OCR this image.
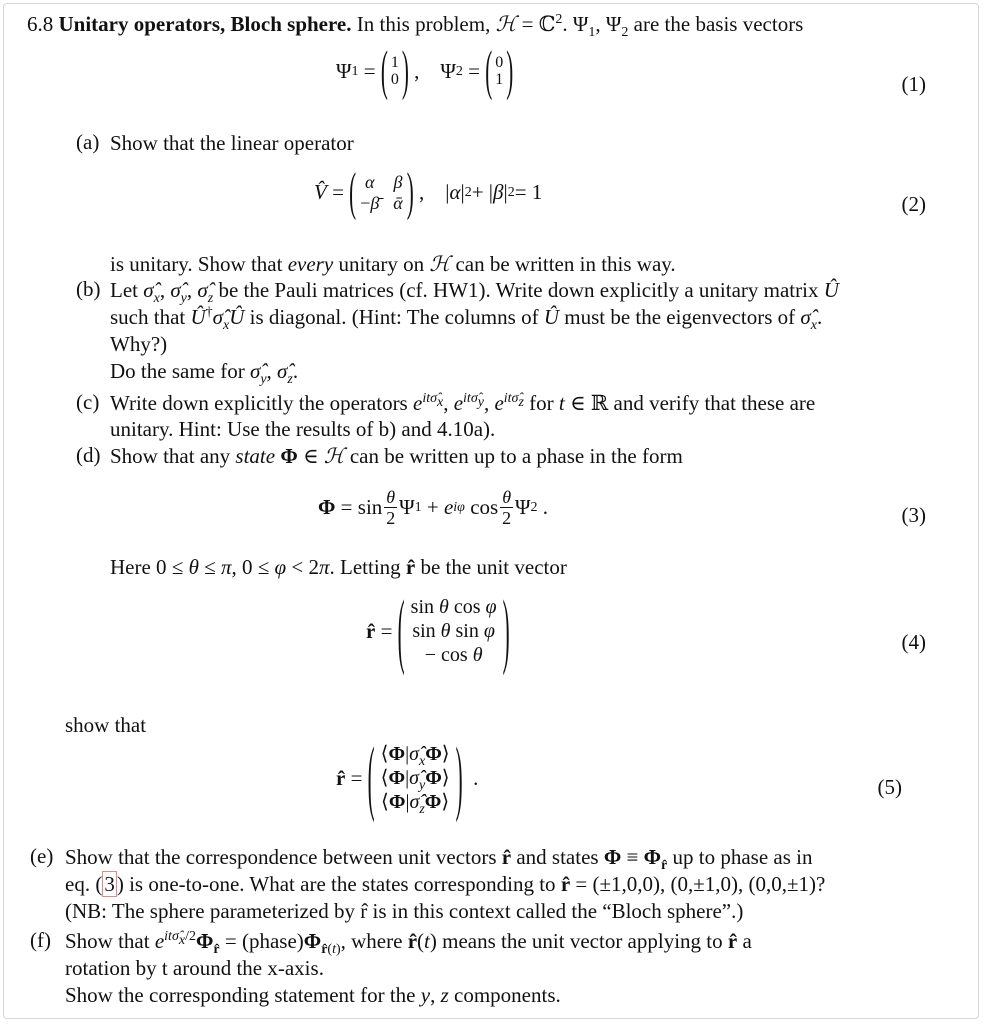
6.8 Unitary operators, Bloch sphere. In this problem, ℋ = ℂ$^2$. $\Psi_1$, $\Psi_2$ are the basis vectors
Ψ 1 = ( 1
0 ) ,    Ψ 2 = ( 0
1 )	(1)
(a) Show that the linear operator
V̂ = ( α β
−β̄ ᾱ ) ,    | α | 2 + | β | 2 = 1	(2)
is unitary. Show that every unitary on ℋ can be written in this way.
(b) Let $\sigmâ_x$, $\sigmâ_y$, $\sigmâ_z$ be the Pauli matrices (cf. HW1). Write down explicitly a unitary matrix Û
such that $Û^\dagger\sigmâ_xÛ$ is diagonal. (Hint: The columns of Û must be the eigenvectors of $\sigmâ_x$.
Why?)
Do the same for $\sigmâ_y$, $\sigmâ_z$.
(c) Write down explicitly the operators $e^{it\sigmâ_x}$, $e^{it\sigmâ_y}$, $e^{it\sigmâ_z}$ for t ∈ ℝ and verify that these are
unitary. Hint: Use the results of b) and 4.10a).
(d) Show that any state Φ ∈ ℋ can be written up to a phase in the form
$\Phi = \sin \frac{\theta}{2}$ Ψ 1 + e iφ $\cos \frac{\theta}{2}$ Ψ 2 .	(3)
Here 0 ≤ θ ≤ π, 0 ≤ φ < 2π. Letting r̂ be the unit vector
r̂ = ( sin θ cos φ
sin θ sin φ
− cos θ )	(4)
show that
r̂ = ( $⟨\Phi|\sigmâ_x\Phi⟩$
$⟨\Phi|\sigmâ_y\Phi⟩$
$⟨\Phi|\sigmâ_z\Phi⟩$ ) .	(5)
(e) Show that the correspondence between unit vectors r̂ and states $\Phi \equiv \Phi_{r̂}$ up to phase as in
eq. (3) is one-to-one. What are the states corresponding to r̂ = (±1,0,0), (0,±1,0), (0,0,±1)?
(NB: The sphere parameterized by r̂ is in this context called the “Bloch sphere”.)
(f) Show that $e^{it\sigmâ_x/2}\Phi_{r̂}$ = $(phase)\Phi_{r̂(t)}$, where r̂(t) means the unit vector applying to r̂ a
rotation by t around the x-axis.
Show the corresponding statement for the y, z components.
